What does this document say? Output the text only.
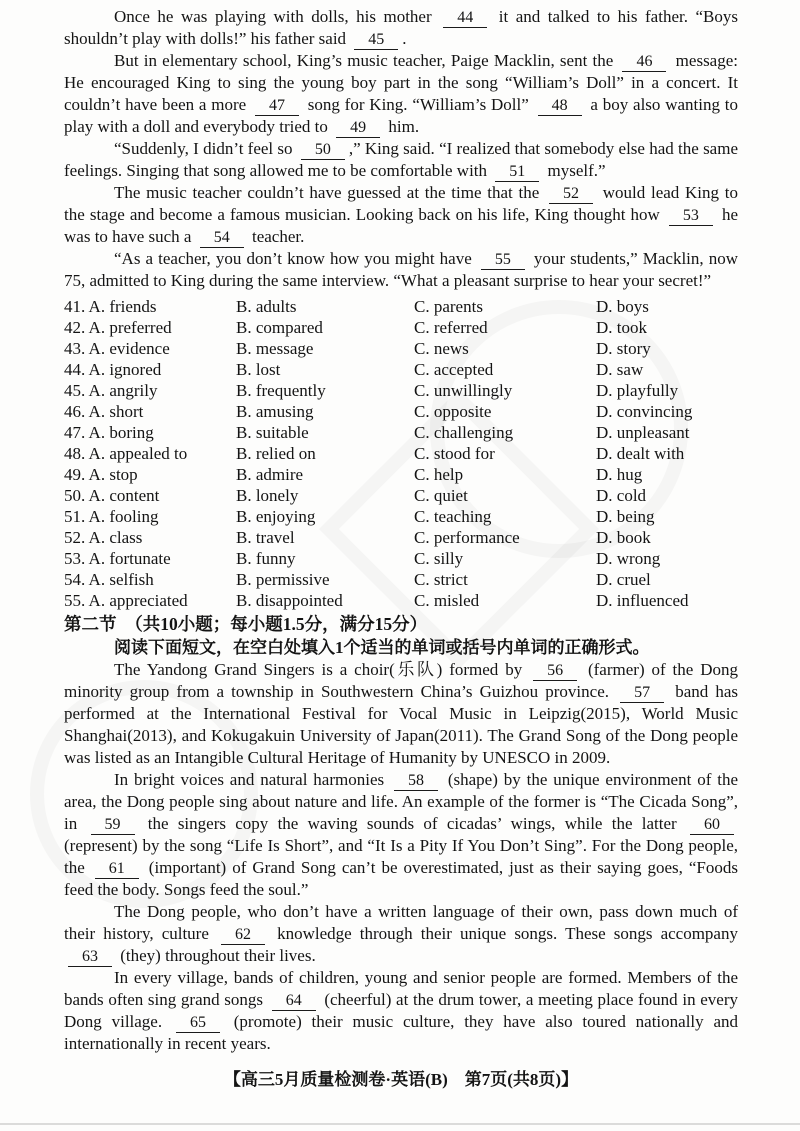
Once he was playing with dolls, his mother 44 it and talked to his father. “Boys shouldn’t play with dolls!” his father said 45 .

But in elementary school, King’s music teacher, Paige Macklin, sent the 46 message: He encouraged King to sing the young boy part in the song “William’s Doll” in a concert. It couldn’t have been a more 47 song for King. “William’s Doll” 48 a boy also wanting to play with a doll and everybody tried to 49 him.

“Suddenly, I didn’t feel so 50 ,” King said. “I realized that somebody else had the same feelings. Singing that song allowed me to be comfortable with 51 myself.”

The music teacher couldn’t have guessed at the time that the 52 would lead King to the stage and become a famous musician. Looking back on his life, King thought how 53 he was to have such a 54 teacher.

“As a teacher, you don’t know how you might have 55 your students,” Macklin, now 75, admitted to King during the same interview. “What a pleasant surprise to hear your secret!”

41. A. friends	B. adults	C. parents	D. boys
42. A. preferred	B. compared	C. referred	D. took
43. A. evidence	B. message	C. news	D. story
44. A. ignored	B. lost	C. accepted	D. saw
45. A. angrily	B. frequently	C. unwillingly	D. playfully
46. A. short	B. amusing	C. opposite	D. convincing
47. A. boring	B. suitable	C. challenging	D. unpleasant
48. A. appealed to	B. relied on	C. stood for	D. dealt with
49. A. stop	B. admire	C. help	D. hug
50. A. content	B. lonely	C. quiet	D. cold
51. A. fooling	B. enjoying	C. teaching	D. being
52. A. class	B. travel	C. performance	D. book
53. A. fortunate	B. funny	C. silly	D. wrong
54. A. selfish	B. permissive	C. strict	D. cruel
55. A. appreciated	B. disappointed	C. misled	D. influenced

第二节　（共10小题；每小题1.5分，满分15分）

阅读下面短文，在空白处填入1个适当的单词或括号内单词的正确形式。

The Yandong Grand Singers is a choir(乐队) formed by 56 (farmer) of the Dong minority group from a township in Southwestern China’s Guizhou province. 57 band has performed at the International Festival for Vocal Music in Leipzig(2015), World Music Shanghai(2013), and Kokugakuin University of Japan(2011). The Grand Song of the Dong people was listed as an Intangible Cultural Heritage of Humanity by UNESCO in 2009.

In bright voices and natural harmonies 58 (shape) by the unique environment of the area, the Dong people sing about nature and life. An example of the former is “The Cicada Song”, in 59 the singers copy the waving sounds of cicadas’ wings, while the latter 60 (represent) by the song “Life Is Short”, and “It Is a Pity If You Don’t Sing”. For the Dong people, the 61 (important) of Grand Song can’t be overestimated, just as their saying goes, “Foods feed the body. Songs feed the soul.”

The Dong people, who don’t have a written language of their own, pass down much of their history, culture 62 knowledge through their unique songs. These songs accompany 63 (they) throughout their lives.

In every village, bands of children, young and senior people are formed. Members of the bands often sing grand songs 64 (cheerful) at the drum tower, a meeting place found in every Dong village. 65 (promote) their music culture, they have also toured nationally and internationally in recent years.

【高三5月质量检测卷·英语(B)　第7页(共8页)】
